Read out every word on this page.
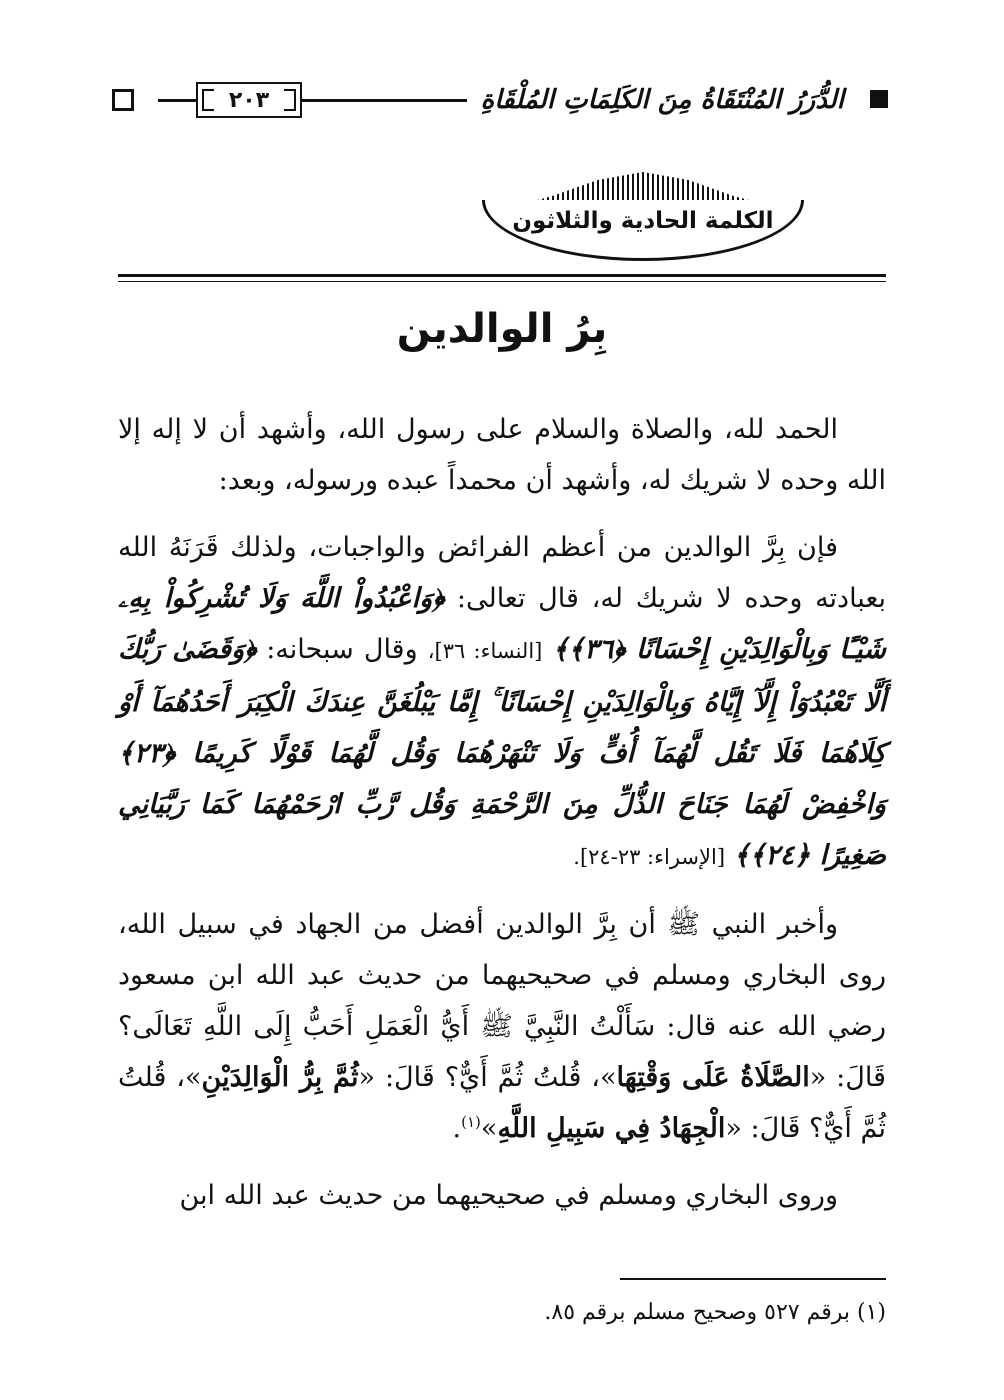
٢٠٣	الدُّرَرُ المُنْتَقَاةُ مِنَ الكَلِمَاتِ المُلْقَاةِ
الكلمة الحادية والثلاثون
بِرُ الوالدين

الحمد لله، والصلاة والسلام على رسول الله، وأشهد أن لا إله إلا الله وحده لا شريك له، وأشهد أن محمداً عبده ورسوله، وبعد:

فإن بِرَّ الوالدين من أعظم الفرائض والواجبات، ولذلك قَرَنَهُ الله بعبادته وحده لا شريك له، قال تعالى: ﴿وَاعْبُدُواْ اللَّهَ وَلَا تُشْرِكُواْ بِهِۦ شَيْـًٔا وَبِالْوَالِدَيْنِ إِحْسَانًا ﴿٣٦﴾﴾ [النساء: ٣٦]، وقال سبحانه: ﴿وَقَضَىٰ رَبُّكَ أَلَّا تَعْبُدُوٓاْ إِلَّآ إِيَّاهُ وَبِالْوَالِدَيْنِ إِحْسَانًا ۚ إِمَّا يَبْلُغَنَّ عِندَكَ الْكِبَرَ أَحَدُهُمَآ أَوْ كِلَاهُمَا فَلَا تَقُل لَّهُمَآ أُفٍّ وَلَا تَنْهَرْهُمَا وَقُل لَّهُمَا قَوْلًا كَرِيمًا ﴿٢٣﴾ وَاخْفِضْ لَهُمَا جَنَاحَ الذُّلِّ مِنَ الرَّحْمَةِ وَقُل رَّبِّ ارْحَمْهُمَا كَمَا رَبَّيَانِي صَغِيرًا ﴿٢٤﴾﴾ [الإسراء: ٢٣-٢٤].

وأخبر النبي ﷺ أن بِرَّ الوالدين أفضل من الجهاد في سبيل الله، روى البخاري ومسلم في صحيحيهما من حديث عبد الله ابن مسعود رضي الله عنه قال: سَأَلْتُ النَّبِيَّ ﷺ أَيُّ الْعَمَلِ أَحَبُّ إِلَى اللَّهِ تَعَالَى؟ قَالَ: «الصَّلَاةُ عَلَى وَقْتِهَا»، قُلتُ ثُمَّ أَيٌّ؟ قَالَ: «ثُمَّ بِرُّ الْوَالِدَيْنِ»، قُلتُ ثُمَّ أَيٌّ؟ قَالَ: «الْجِهَادُ فِي سَبِيلِ اللَّهِ»$^{(١)}$.

وروى البخاري ومسلم في صحيحيهما من حديث عبد الله ابن

(١) برقم ٥٢٧ وصحيح مسلم برقم ٨٥.
